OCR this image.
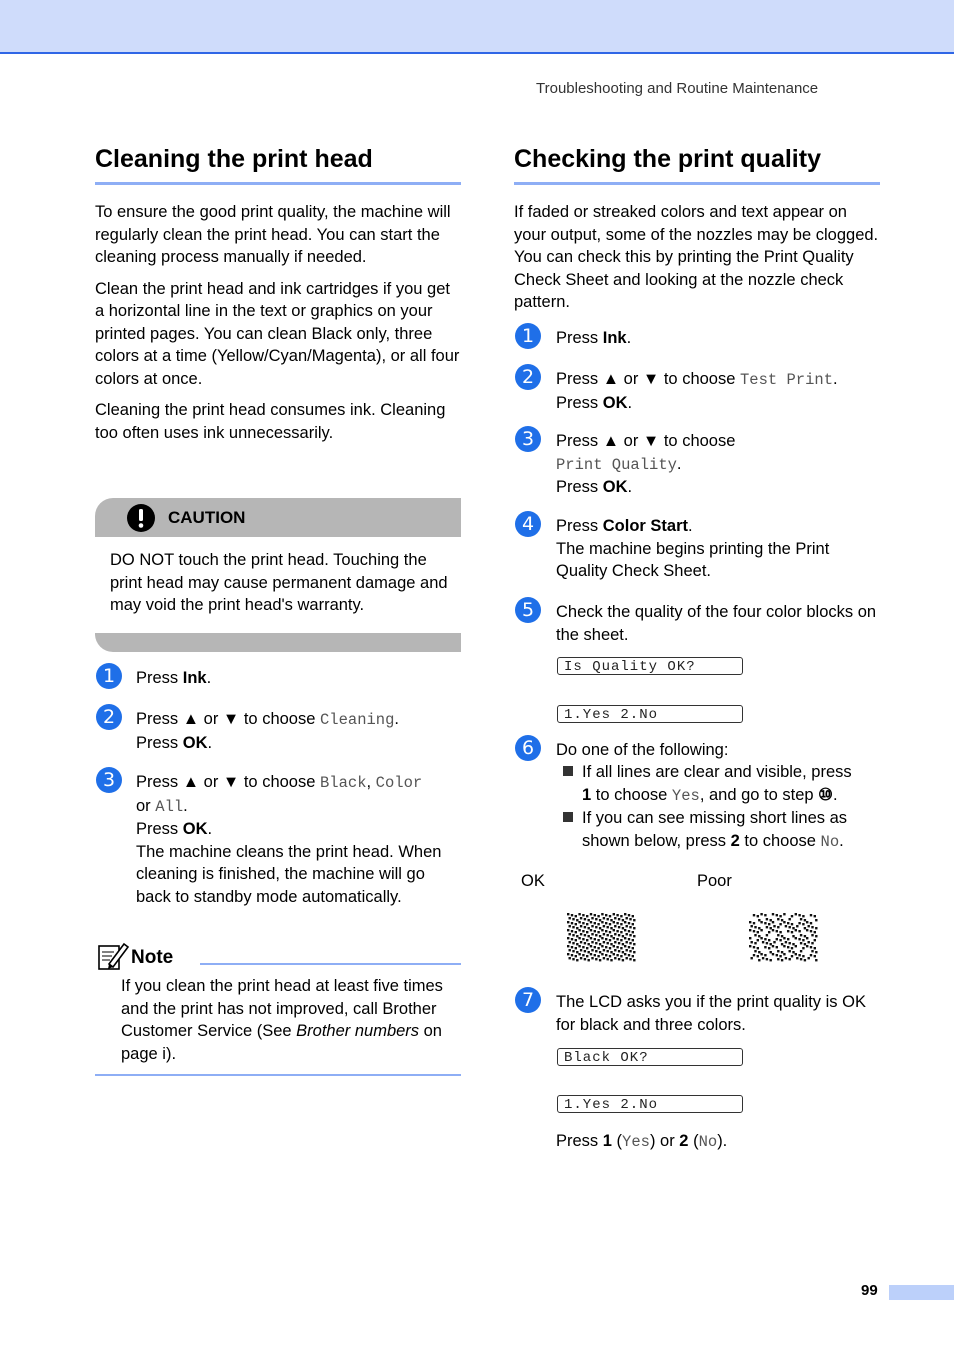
Troubleshooting and Routine Maintenance
Cleaning the print head

To ensure the good print quality, the machine will regularly clean the print head. You can start the cleaning process manually if needed.

Clean the print head and ink cartridges if you get a horizontal line in the text or graphics on your printed pages. You can clean Black only, three colors at a time (Yellow/Cyan/Magenta), or all four colors at once.

Cleaning the print head consumes ink. Cleaning too often uses ink unnecessarily.

CAUTION

DO NOT touch the print head. Touching the print head may cause permanent damage and may void the print head's warranty.

1	Press Ink.
2	Press ▲ or ▼ to choose Cleaning.
Press OK.
3	Press ▲ or ▼ to choose Black, Color
or All.
Press OK.
The machine cleans the print head. When cleaning is finished, the machine will go back to standby mode automatically.
Note

If you clean the print head at least five times and the print has not improved, call Brother Customer Service (See Brother numbers on page i).

Checking the print quality

If faded or streaked colors and text appear on your output, some of the nozzles may be clogged. You can check this by printing the Print Quality Check Sheet and looking at the nozzle check pattern.

1	Press Ink.
2	Press ▲ or ▼ to choose Test Print.
Press OK.
3	Press ▲ or ▼ to choose
Print Quality.
Press OK.
4	Press Color Start.
The machine begins printing the Print Quality Check Sheet.
5	Check the quality of the four color blocks on the sheet.
Is Quality OK?
1.Yes 2.No
6	Do one of the following:
If all lines are clear and visible, press
1 to choose Yes, and go to step ⑩.
If you can see missing short lines as shown below, press 2 to choose No.
OK	Poor
7	The LCD asks you if the print quality is OK for black and three colors.
Black OK?
1.Yes 2.No
Press 1 (Yes) or 2 (No).
99
